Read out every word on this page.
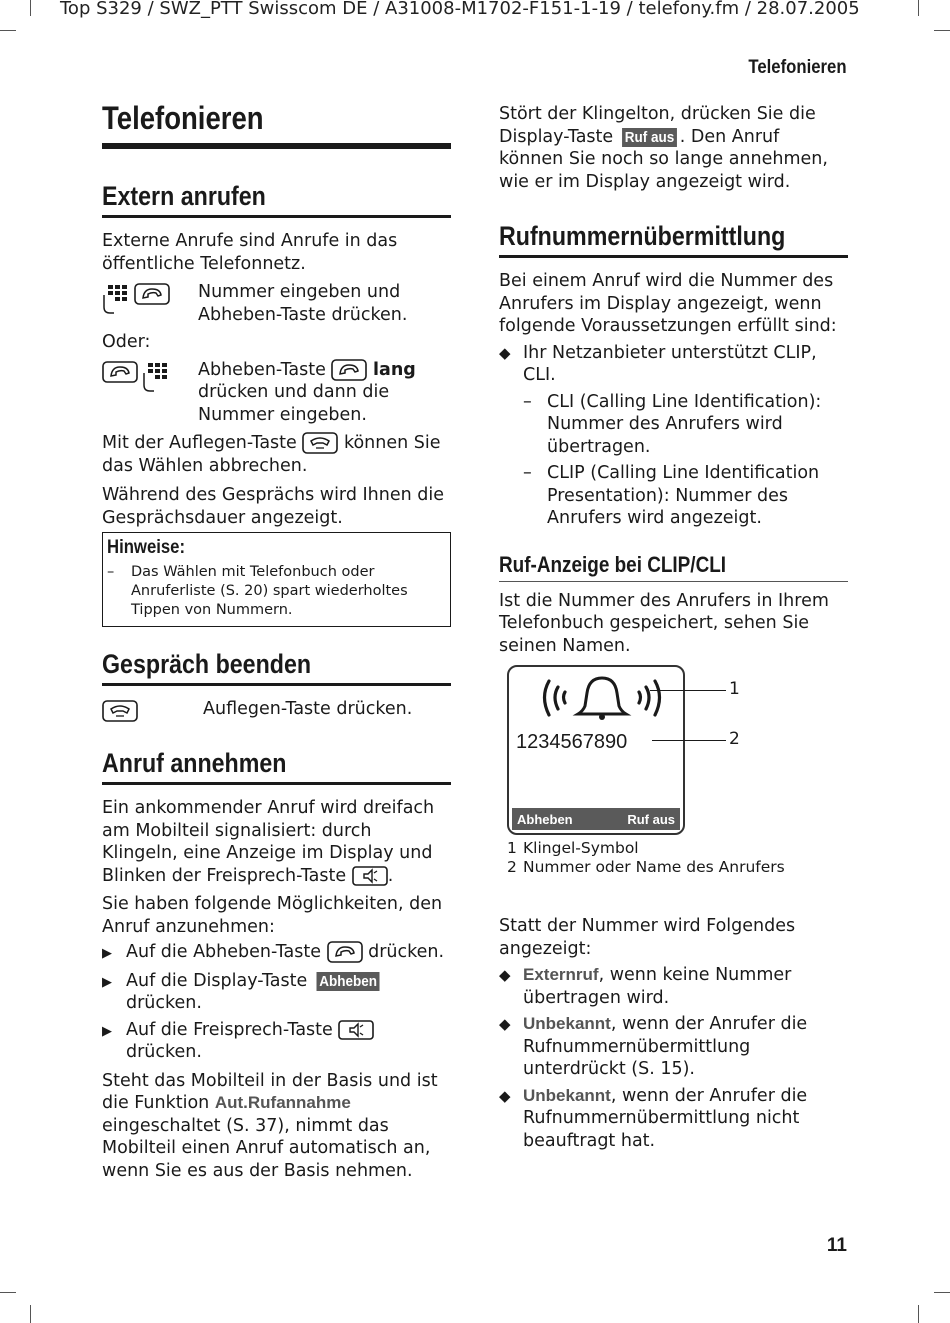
Top S329 / SWZ_PTT Swisscom DE / A31008-M1702-F151-1-19 / telefony.fm / 28.07.2005
Telefonieren
11
Telefonieren
Extern anrufen

Externe Anrufe sind Anrufe in das öffentliche Telefonnetz.

Nummer eingeben und Abheben-Taste drücken.

Oder:

Abheben-Taste	lang drücken und dann die Nummer eingeben.

Mit der Auflegen-Taste	können Sie das Wählen abbrechen.

Während des Gesprächs wird Ihnen die Gesprächsdauer angezeigt.

Hinweise:
–	Das Wählen mit Telefonbuch oder Anruferliste (S. 20) spart wiederholtes Tippen von Nummern.
Gespräch beenden
Auflegen-Taste drücken.
Anruf annehmen

Ein ankommender Anruf wird dreifach am Mobilteil signalisiert: durch Klingeln, eine Anzeige im Display und Blinken der Freisprech-Taste .

Sie haben folgende Möglichkeiten, den Anruf anzunehmen:

▶ Auf die Abheben-Taste	drücken.
▶ Auf die Display-Taste Abheben drücken.
▶ Auf die Freisprech-Taste  drücken.

Steht das Mobilteil in der Basis und ist die Funktion Aut.Rufannahme eingeschaltet (S. 37), nimmt das Mobilteil einen Anruf automatisch an, wenn Sie es aus der Basis nehmen.

Stört der Klingelton, drücken Sie die Display-Taste Ruf aus . Den Anruf können Sie noch so lange annehmen, wie er im Display angezeigt wird.

Rufnummernübermittlung

Bei einem Anruf wird die Nummer des Anrufers im Display angezeigt, wenn folgende Voraussetzungen erfüllt sind:

◆ Ihr Netzanbieter unterstützt CLIP, CLI.
– CLI (Calling Line Identification): Nummer des Anrufers wird übertragen.
– CLIP (Calling Line Identification Presentation): Nummer des Anrufers wird angezeigt.
Ruf-Anzeige bei CLIP/CLI

Ist die Nummer des Anrufers in Ihrem Telefonbuch gespeichert, sehen Sie seinen Namen.

1234567890
Abheben	Ruf aus
1
2
1 Klingel-Symbol
2 Nummer oder Name des Anrufers

Statt der Nummer wird Folgendes angezeigt:

◆ Externruf, wenn keine Nummer übertragen wird.
◆ Unbekannt, wenn der Anrufer die Rufnummernübermittlung unterdrückt (S. 15).
◆ Unbekannt, wenn der Anrufer die Rufnummernübermittlung nicht beauftragt hat.
